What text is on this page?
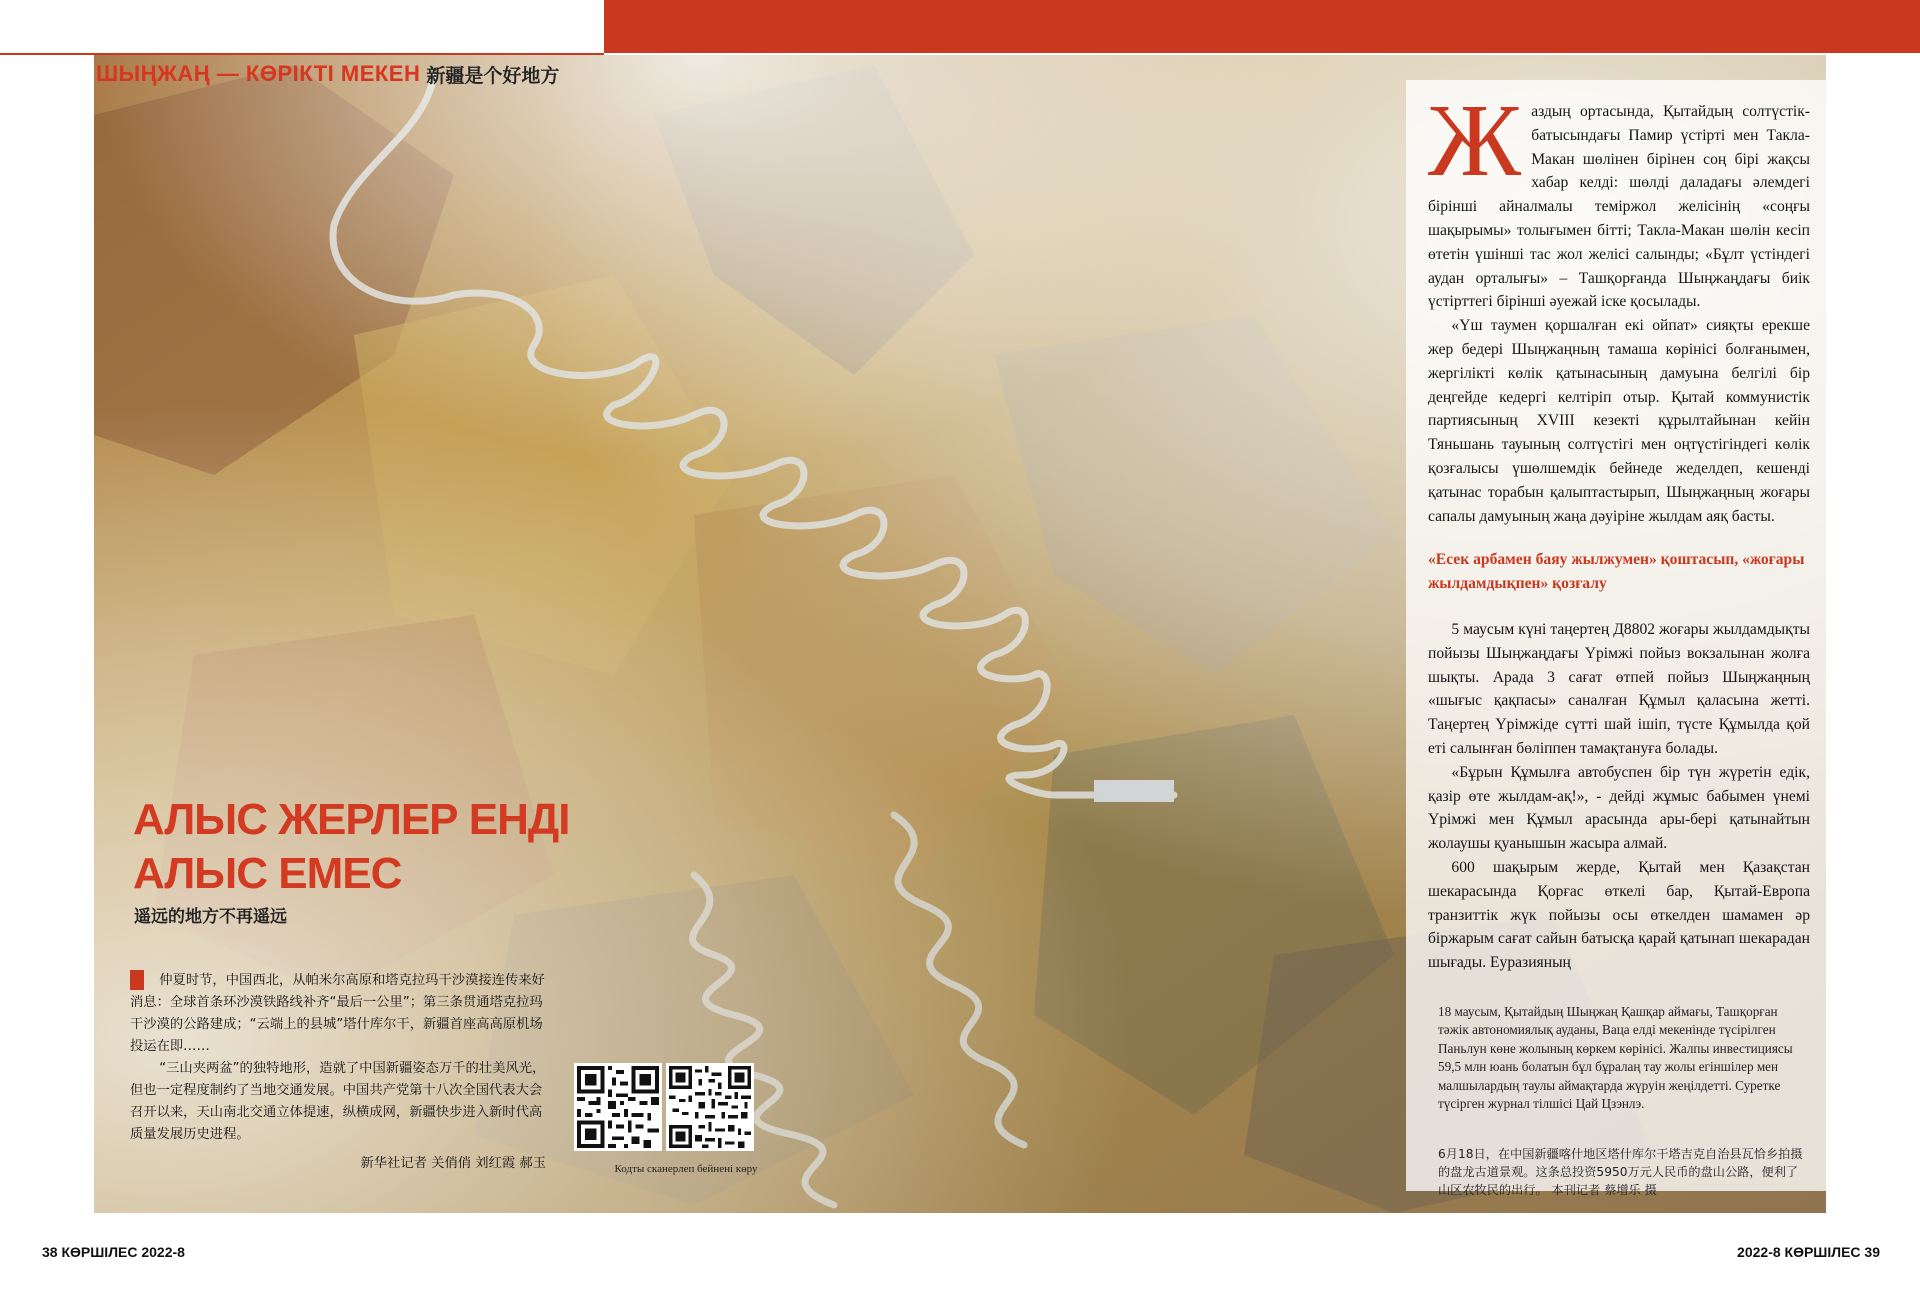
ШЫҢЖАҢ — КӨРІКТІ МЕКЕН 新疆是个好地方
АЛЫС ЖЕРЛЕР ЕНДІ
АЛЫС ЕМЕС
遥远的地方不再遥远

仲夏时节，中国西北，从帕米尔高原和塔克拉玛干沙漠接连传来好消息：全球首条环沙漠铁路线补齐“最后一公里”；第三条贯通塔克拉玛干沙漠的公路建成；“云端上的县城”塔什库尔干，新疆首座高高原机场投运在即……

“三山夹两盆”的独特地形，造就了中国新疆姿态万千的壮美风光，但也一定程度制约了当地交通发展。中国共产党第十八次全国代表大会召开以来，天山南北交通立体提速，纵横成网，新疆快步进入新时代高质量发展历史进程。

新华社记者 关俏俏 刘红霞 郝玉	Кодты сканерлеп бейнені көру

Ж аздың ортасында, Қытайдың солтүстік-батысындағы Памир үстірті мен Такла-Макан шөлінен бірінен соң бірі жақсы хабар келді: шөлді даладағы әлемдегі бірінші айналмалы теміржол желісінің «соңғы шақырымы» толығымен бітті; Такла-Макан шөлін кесіп өтетін үшінші тас жол желісі салынды; «Бұлт үстіндегі аудан орталығы» – Ташқорғанда Шыңжаңдағы биік үстірттегі бірінші әуежай іске қосылады.

«Үш таумен қоршалған екі ойпат» сияқты ерекше жер бедері Шыңжаңның тамаша көрінісі болғанымен, жергілікті көлік қатынасының дамуына белгілі бір деңгейде кедергі келтіріп отыр. Қытай коммунистік партиясының XVIII кезекті құрылтайынан кейін Тяньшань тауының солтүстігі мен оңтүстігіндегі көлік қозғалысы үшөлшемдік бейнеде жеделдеп, кешенді қатынас торабын қалыптастырып, Шыңжаңның жоғары сапалы дамуының жаңа дәуіріне жылдам аяқ басты.

«Есек арбамен баяу жылжумен» қоштасып, «жоғары жылдамдықпен» қозғалу

5 маусым күні таңертең Д8802 жоғары жылдамдықты пойызы Шыңжаңдағы Үрімжі пойыз вокзалынан жолға шықты. Арада 3 сағат өтпей пойыз Шыңжаңның «шығыс қақпасы» саналған Құмыл қаласына жетті. Таңертең Үрімжіде сүтті шай ішіп, түсте Құмылда қой еті салынған бөліппен тамақтануға болады.

«Бұрын Құмылға автобуспен бір түн жүретін едік, қазір өте жылдам-ақ!», - дейді жұмыс бабымен үнемі Үрімжі мен Құмыл арасында ары-бері қатынайтын жолаушы қуанышын жасыра алмай.

600 шақырым жерде, Қытай мен Қазақстан шекарасында Қорғас өткелі бар, Қытай-Европа транзиттік жүк пойызы осы өткелден шамамен әр біржарым сағат сайын батысқа қарай қатынап шекарадан шығады. Еуразияның

18 маусым, Қытайдың Шыңжаң Қашқар аймағы, Ташқорған тәжік автономиялық ауданы, Ваца елді мекенінде түсірілген Паньлун көне жолының көркем көрінісі. Жалпы инвестициясы 59,5 млн юань болатын бұл бұралаң тау жолы егіншілер мен малшылардың таулы аймақтарда жүруін жеңілдетті. Суретке түсірген журнал тілшісі Цай Цзэнлэ.
6月18日，在中国新疆喀什地区塔什库尔干塔吉克自治县瓦恰乡拍摄的盘龙古道景观。这条总投资5950万元人民币的盘山公路，便利了山区农牧民的出行。 本刊记者 蔡增乐 摄
38 КӨРШІЛЕС 2022-8	2022-8 КӨРШІЛЕС 39
